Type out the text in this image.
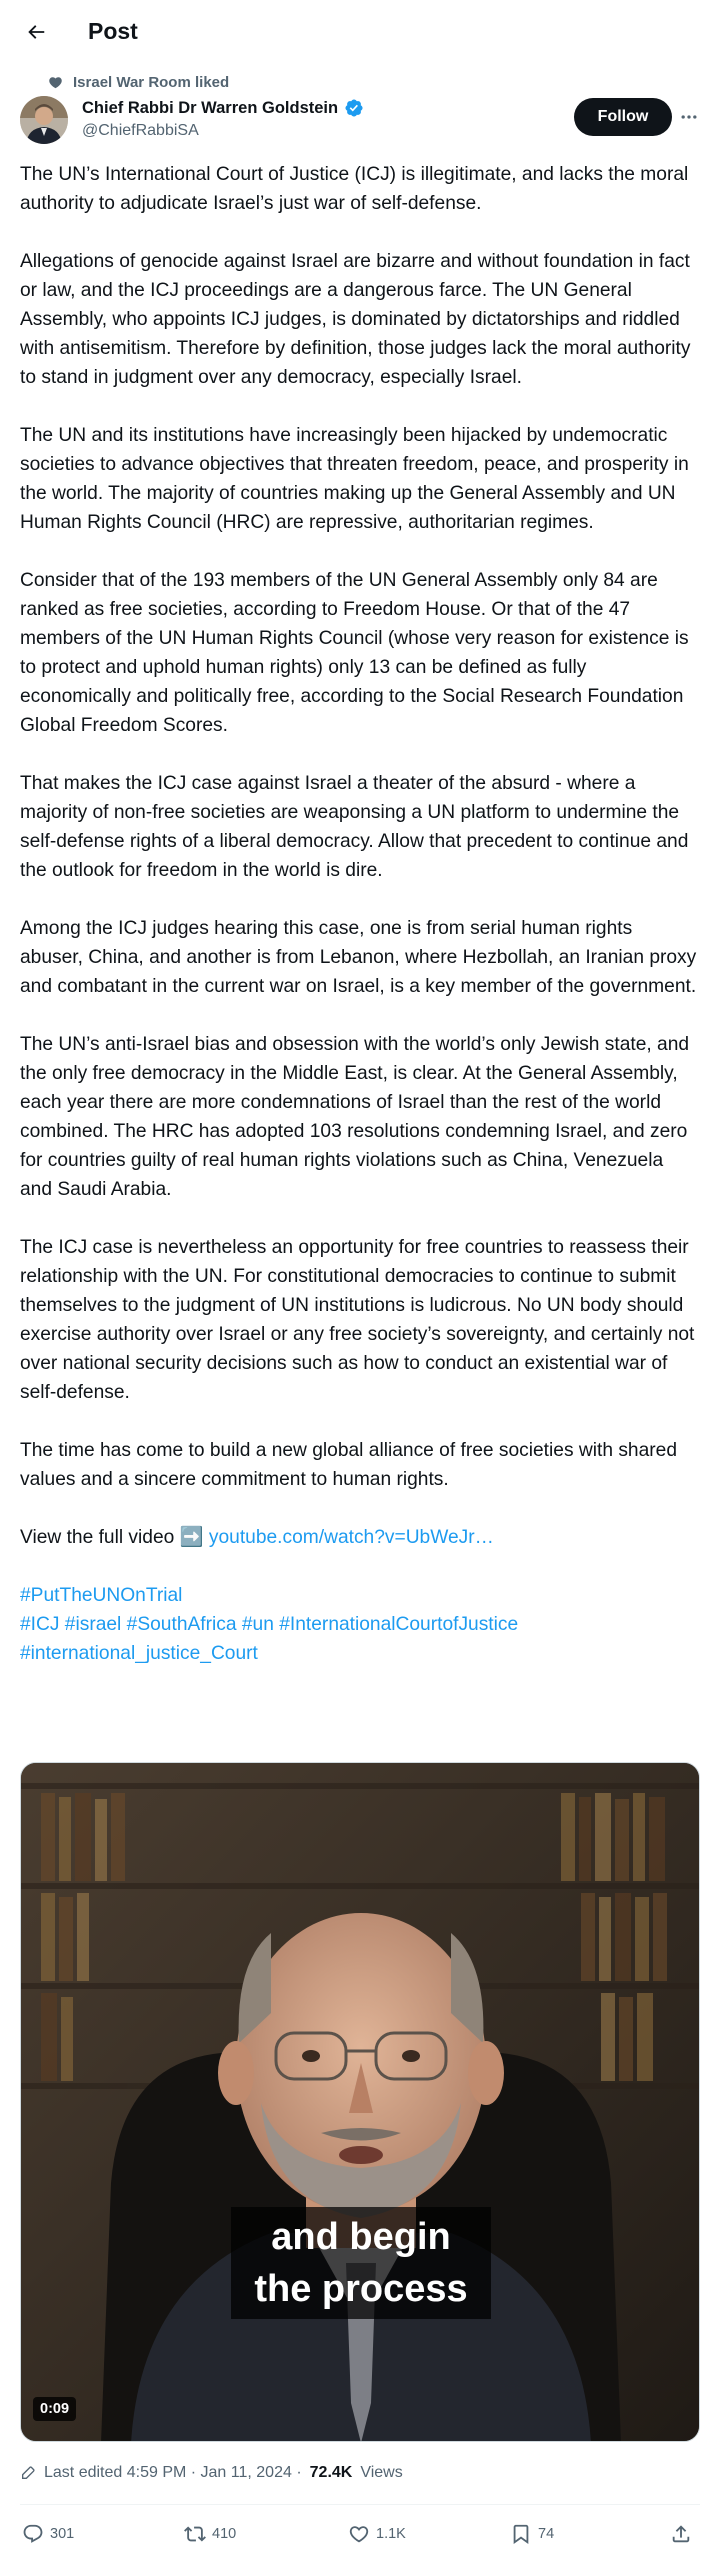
Post
Israel War Room liked
Chief Rabbi Dr Warren Goldstein
@ChiefRabbiSA
Follow

The UN’s International Court of Justice (ICJ) is illegitimate, and lacks the moral authority to adjudicate Israel’s just war of self-defense.

Allegations of genocide against Israel are bizarre and without foundation in fact or law, and the ICJ proceedings are a dangerous farce. The UN General Assembly, who appoints ICJ judges, is dominated by dictatorships and riddled with antisemitism. Therefore by definition, those judges lack the moral authority to stand in judgment over any democracy, especially Israel.

The UN and its institutions have increasingly been hijacked by undemocratic societies to advance objectives that threaten freedom, peace, and prosperity in the world. The majority of countries making up the General Assembly and UN Human Rights Council (HRC) are repressive, authoritarian regimes.

Consider that of the 193 members of the UN General Assembly only 84 are ranked as free societies, according to Freedom House. Or that of the 47 members of the UN Human Rights Council (whose very reason for existence is to protect and uphold human rights) only 13 can be defined as fully economically and politically free, according to the Social Research Foundation Global Freedom Scores.

That makes the ICJ case against Israel a theater of the absurd - where a majority of non-free societies are weaponsing a UN platform to undermine the self-defense rights of a liberal democracy. Allow that precedent to continue and the outlook for freedom in the world is dire.

Among the ICJ judges hearing this case, one is from serial human rights abuser, China, and another is from Lebanon, where Hezbollah, an Iranian proxy and combatant in the current war on Israel, is a key member of the government.

The UN’s anti-Israel bias and obsession with the world’s only Jewish state, and the only free democracy in the Middle East, is clear. At the General Assembly, each year there are more condemnations of Israel than the rest of the world combined. The HRC has adopted 103 resolutions condemning Israel, and zero for countries guilty of real human rights violations such as China, Venezuela and Saudi Arabia.

The ICJ case is nevertheless an opportunity for free countries to reassess their relationship with the UN. For constitutional democracies to continue to submit themselves to the judgment of UN institutions is ludicrous. No UN body should exercise authority over Israel or any free society’s sovereignty, and certainly not over national security decisions such as how to conduct an existential war of self-defense.

The time has come to build a new global alliance of free societies with shared values and a sincere commitment to human rights.

View the full video ➡️ youtube.com/watch?v=UbWeJr…

#PutTheUNOnTrial
#ICJ #israel #SouthAfrica #un #InternationalCourtofJustice
#international_justice_Court
and begin
the process
0:09
Last edited 4:59 PM · Jan 11, 2024 · 72.4K Views
301	410	1.1K	74
